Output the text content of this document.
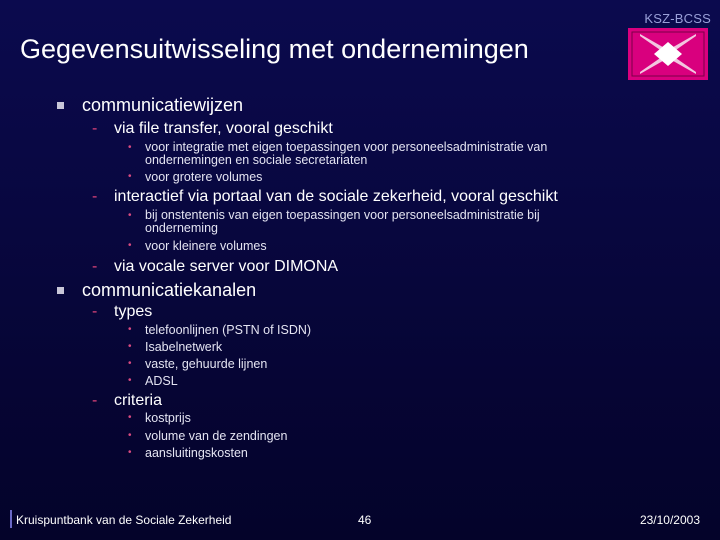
KSZ-BCSS
Gegevensuitwisseling met ondernemingen
communicatiewijzen
- via file transfer, vooral geschikt
• voor integratie met eigen toepassingen voor personeelsadministratie van ondernemingen en sociale secretariaten
• voor grotere volumes
- interactief via portaal van de sociale zekerheid, vooral geschikt
• bij onstentenis van eigen toepassingen voor personeelsadministratie bij onderneming
• voor kleinere volumes
- via vocale server voor DIMONA
communicatiekanalen
- types
• telefoonlijnen (PSTN of ISDN)
• Isabelnetwerk
• vaste, gehuurde lijnen
• ADSL
- criteria
• kostprijs
• volume van de zendingen
• aansluitingskosten
Kruispuntbank van de Sociale Zekerheid	46	23/10/2003
